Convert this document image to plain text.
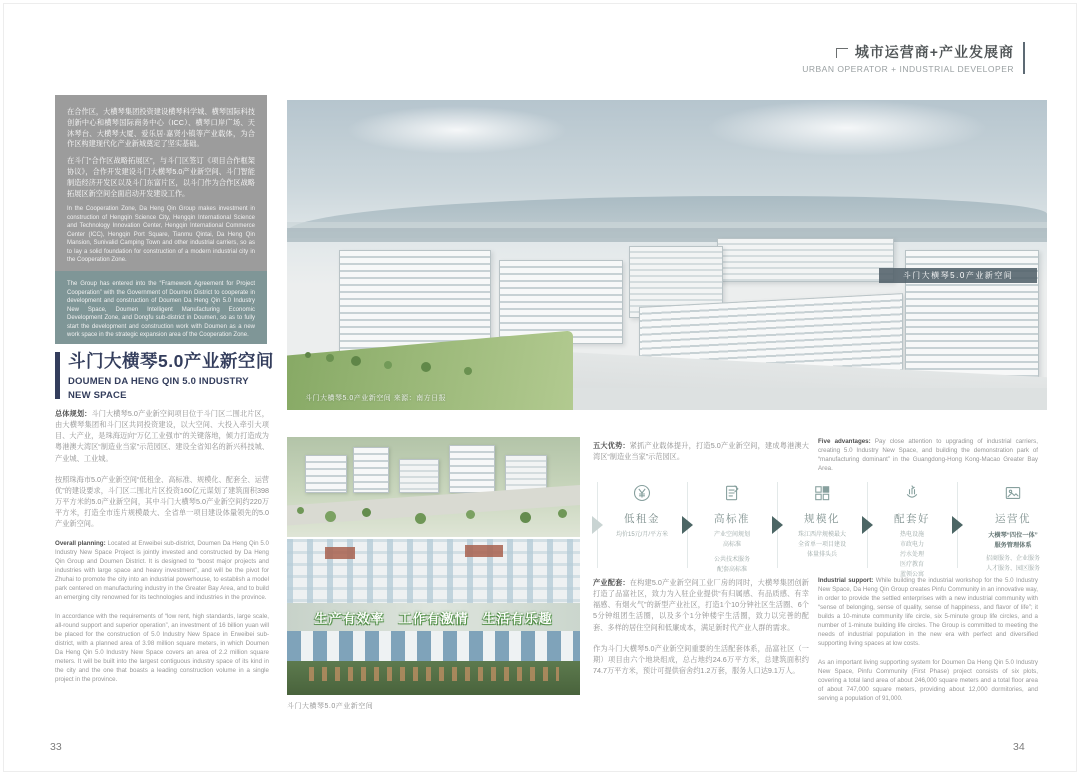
城市运营商+产业发展商
URBAN OPERATOR + INDUSTRIAL DEVELOPER

在合作区，大横琴集团投资建设横琴科学城、横琴国际科技创新中心和横琴国际商务中心（ICC）、横琴口岸广场、天沐琴台、大横琴大厦、爱乐居·嘉贤小镇等产业载体，为合作区构建现代化产业新城奠定了坚实基础。

在斗门“合作区战略拓展区”，与斗门区签订《项目合作框架协议》，合作开发建设斗门大横琴5.0产业新空间、斗门智能制造经济开发区以及斗门东富片区，以斗门作为合作区战略拓展区新空间全面启动开发建设工作。

In the Cooperation Zone, Da Heng Qin Group makes investment in construction of Hengqin Science City, Hengqin International Science and Technology Innovation Center, Hengqin International Commerce Center (ICC), Hengqin Port Square, Tianmu Qintai, Da Heng Qin Mansion, Sunivalid Camping Town and other industrial carriers, so as to lay a solid foundation for construction of a modern industrial city in the Cooperation Zone.

The Group has entered into the “Framework Agreement for Project Cooperation” with the Government of Doumen District to cooperate in development and construction of Doumen Da Heng Qin 5.0 Industry New Space, Doumen Intelligent Manufacturing Economic Development Zone, and Dongfu sub-district in Doumen, so as to fully start the development and construction work with Doumen as a new work space in the strategic expansion area of the Cooperation Zone.

斗门大横琴5.0产业新空间
DOUMEN DA HENG QIN 5.0 INDUSTRY NEW SPACE

总体规划：斗门大横琴5.0产业新空间项目位于斗门区二围北片区，由大横琴集团和斗门区共同投资建设，以大空间、大投入牵引大项目、大产业，是珠海迈向“万亿工业强市”的关键落地，倾力打造成为粤港澳大湾区“制造业当家”示范园区、建设全省知名的新兴科技城、产业城、工业城。

按照珠海市5.0产业新空间“低租金、高标准、规模化、配套全、运营优”的建设要求，斗门区二围北片区投资160亿元谋划了建筑面积398万平方米的5.0产业新空间，其中斗门大横琴5.0产业新空间约220万平方米，打造全市连片规模最大、全省单一项目建设体量领先的5.0产业新空间。

Overall planning: Located at Erweibei sub-district, Doumen Da Heng Qin 5.0 Industry New Space Project is jointly invested and constructed by Da Heng Qin Group and Doumen District. It is designed to “boost major projects and industries with large space and heavy investment”, and will be the pivot for Zhuhai to promote the city into an industrial powerhouse, to establish a model park centered on manufacturing industry in the Greater Bay Area, and to build an emerging city renowned for its technologies and industries in the province.

In accordance with the requirements of “low rent, high standards, large scale, all-round support and superior operation”, an investment of 16 billion yuan will be placed for the construction of 5.0 Industry New Space in Erweibei sub-district, with a planned area of 3.98 million square meters, in which Doumen Da Heng Qin 5.0 Industry New Space covers an area of 2.2 million square meters. It will be built into the largest contiguous industry space of its kind in the city and the one that boasts a leading construction volume in a single project in the province.

斗门大横琴5.0产业新空间
斗门大横琴5.0产业新空间 来源：南方日报
生产有效率　工作有激情　生活有乐趣
斗门大横琴5.0产业新空间

五大优势：紧抓产业载体提升，打造5.0产业新空间，建成粤港澳大湾区“制造业当家”示范园区。

Five advantages: Pay close attention to upgrading of industrial carriers, creating 5.0 Industry New Space, and building the demonstration park of “manufacturing dominant” in the Guangdong-Hong Kong-Macao Greater Bay Area.

低租金
均价15元/月/平方米
高标准
产业空间规划
高标准
公共技术服务
配套高标准
规模化
珠江西岸规模最大
全省单一项目建设
体量排头兵
配套好
热电设施
市政电力
污水处理
医疗教育
蓝领公寓
运营优
大横琴“四位一体”
服务管理体系
招商服务、企业服务
人才服务、园区服务

产业配套：在构建5.0产业新空间工业厂房的同时，大横琴集团创新打造了品富社区，致力为入驻企业提供“有归属感、有品质感、有幸福感、有烟火气”的新型产业社区，打造1个10分钟社区生活圈、6个5分钟组团生活圈，以及多个1分钟楼宇生活圈，致力以完善的配套、多样的居住空间和低廉成本，满足新时代产业人群的需求。

作为斗门大横琴5.0产业新空间重要的生活配套体系，品富社区（一期）项目由六个地块组成，总占地约24.6万平方米，总建筑面积约74.7万平方米，预计可提供宿舍约1.2万套，服务人口达9.1万人。

Industrial support: While building the industrial workshop for the 5.0 Industry New Space, Da Heng Qin Group creates Pinfu Community in an innovative way, in order to provide the settled enterprises with a new industrial community with “sense of belonging, sense of quality, sense of happiness, and flavor of life”; it builds a 10-minute community life circle, six 5-minute group life circles, and a number of 1-minute building life circles. The Group is committed to meeting the needs of industrial population in the new era with perfect and diversified supporting living spaces at low costs.

As an important living supporting system for Doumen Da Heng Qin 5.0 Industry New Space, Pinfu Community (First Phase) project consists of six plots, covering a total land area of about 246,000 square meters and a total floor area of about 747,000 square meters, providing about 12,000 dormitories, and serving a population of 91,000.

33	34
